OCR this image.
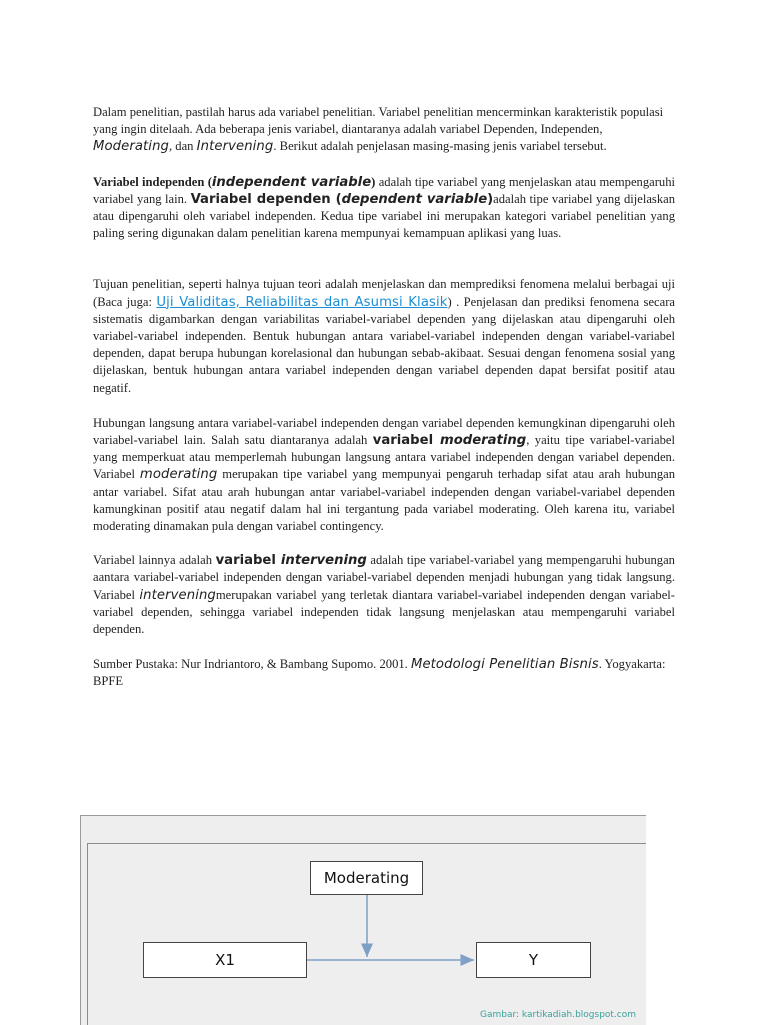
Dalam penelitian, pastilah harus ada variabel penelitian. Variabel penelitian mencerminkan karakteristik populasi yang ingin ditelaah. Ada beberapa jenis variabel, diantaranya adalah variabel Dependen, Independen, Moderating, dan Intervening. Berikut adalah penjelasan masing-masing jenis variabel tersebut.

Variabel independen (independent variable) adalah tipe variabel yang menjelaskan atau mempengaruhi variabel yang lain. Variabel dependen (dependent variable)adalah tipe variabel yang dijelaskan atau dipengaruhi oleh variabel independen. Kedua tipe variabel ini merupakan kategori variabel penelitian yang paling sering digunakan dalam penelitian karena mempunyai kemampuan aplikasi yang luas.

Tujuan penelitian, seperti halnya tujuan teori adalah menjelaskan dan memprediksi fenomena melalui berbagai uji (Baca juga: Uji Validitas, Reliabilitas dan Asumsi Klasik) . Penjelasan dan prediksi fenomena secara sistematis digambarkan dengan variabilitas variabel-variabel dependen yang dijelaskan atau dipengaruhi oleh variabel-variabel independen. Bentuk hubungan antara variabel-variabel independen dengan variabel-variabel dependen, dapat berupa hubungan korelasional dan hubungan sebab-akibaat. Sesuai dengan fenomena sosial yang dijelaskan, bentuk hubungan antara variabel independen dengan variabel dependen dapat bersifat positif atau negatif.

Hubungan langsung antara variabel-variabel independen dengan variabel dependen kemungkinan dipengaruhi oleh variabel-variabel lain. Salah satu diantaranya adalah variabel moderating, yaitu tipe variabel-variabel yang memperkuat atau memperlemah hubungan langsung antara variabel independen dengan variabel dependen. Variabel moderating merupakan tipe variabel yang mempunyai pengaruh terhadap sifat atau arah hubungan antar variabel. Sifat atau arah hubungan antar variabel-variabel independen dengan variabel-variabel dependen kamungkinan positif atau negatif dalam hal ini tergantung pada variabel moderating. Oleh karena itu, variabel moderating dinamakan pula dengan variabel contingency.

Variabel lainnya adalah variabel intervening adalah tipe variabel-variabel yang mempengaruhi hubungan aantara variabel-variabel independen dengan variabel-variabel dependen menjadi hubungan yang tidak langsung. Variabel interveningmerupakan variabel yang terletak diantara variabel-variabel independen dengan variabel-variabel dependen, sehingga variabel independen tidak langsung menjelaskan atau mempengaruhi variabel dependen.

Sumber Pustaka: Nur Indriantoro, & Bambang Supomo. 2001. Metodologi Penelitian Bisnis. Yogyakarta: BPFE

Moderating
X1	Y
Gambar: kartikadiah.blogspot.com
